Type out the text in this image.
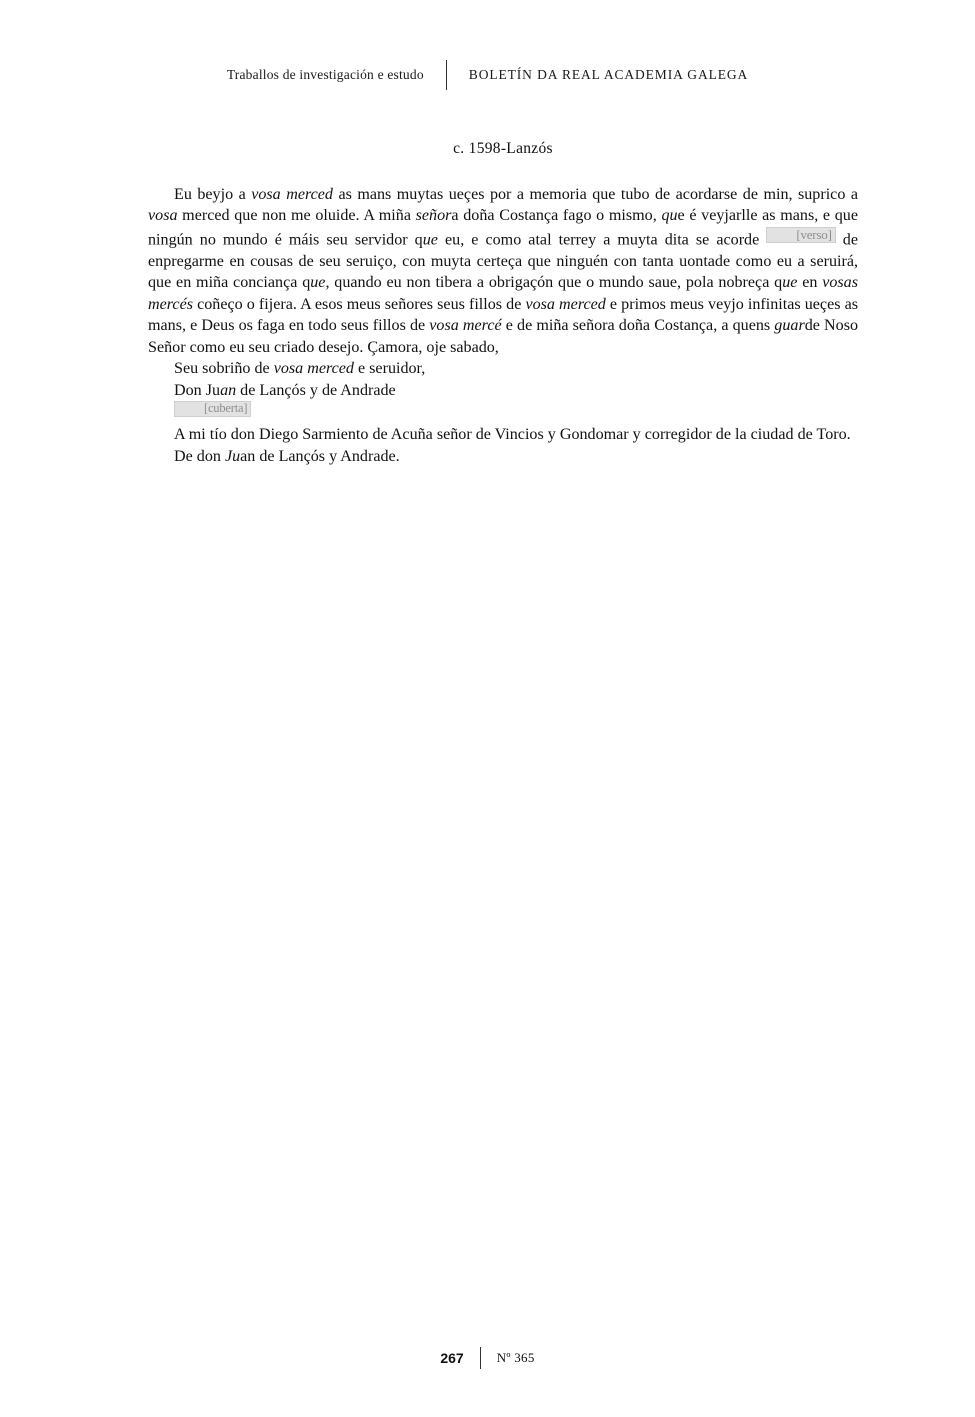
Traballos de investigación e estudo	BOLETÍN DA REAL ACADEMIA GALEGA
c. 1598-Lanzós

Eu beyjo a vosa merced as mans muytas ueçes por a memoria que tubo de acordarse de min, suprico a vosa merced que non me oluide. A miña señora doña Costança fago o mismo, que é veyjarlle as mans, e que ningún no mundo é máis seu servidor que eu, e como atal terrey a muyta dita se acorde [verso] de enpregarme en cousas de seu seruiço, con muyta certeça que ninguén con tanta uontade como eu a seruirá, que en miña conciança que, quando eu non tibera a obrigaçón que o mundo saue, pola nobreça que en vosas mercés coñeço o fijera. A esos meus señores seus fillos de vosa merced e primos meus veyjo infinitas ueçes as mans, e Deus os faga en todo seus fillos de vosa mercé e de miña señora doña Costança, a quens guarde Noso Señor como eu seu criado desejo. Çamora, oje sabado,

Seu sobriño de vosa merced e seruidor,
Don Juan de Lançós y de Andrade
[cuberta]

A mi tío don Diego Sarmiento de Acuña señor de Vincios y Gondomar y corregidor de la ciudad de Toro.

De don Juan de Lançós y Andrade.
267	Nº 365
